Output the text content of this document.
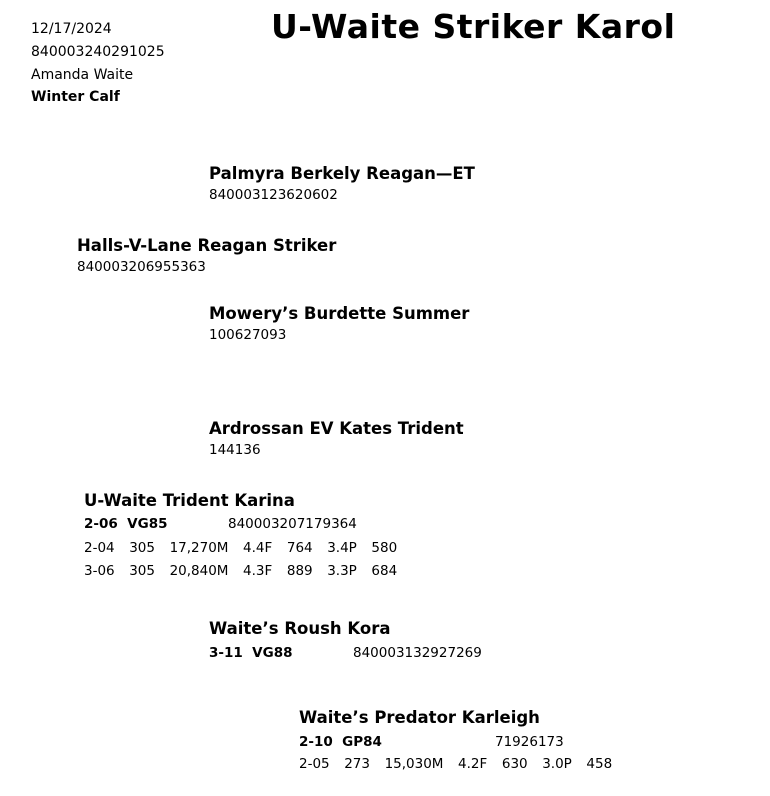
12/17/2024
840003240291025
Amanda Waite
Winter Calf
U-Waite Striker Karol
Palmyra Berkely Reagan—ET
840003123620602
Halls-V-Lane Reagan Striker
840003206955363
Mowery’s Burdette Summer
100627093
Ardrossan EV Kates Trident
144136
U-Waite Trident Karina
2-06  VG85	840003207179364
2-04  305  17,270M  4.4F  764  3.4P  580
3-06  305  20,840M  4.3F  889  3.3P  684
Waite’s Roush Kora
3-11  VG88	840003132927269
Waite’s Predator Karleigh
2-10  GP84	71926173
2-05  273  15,030M  4.2F  630  3.0P  458
